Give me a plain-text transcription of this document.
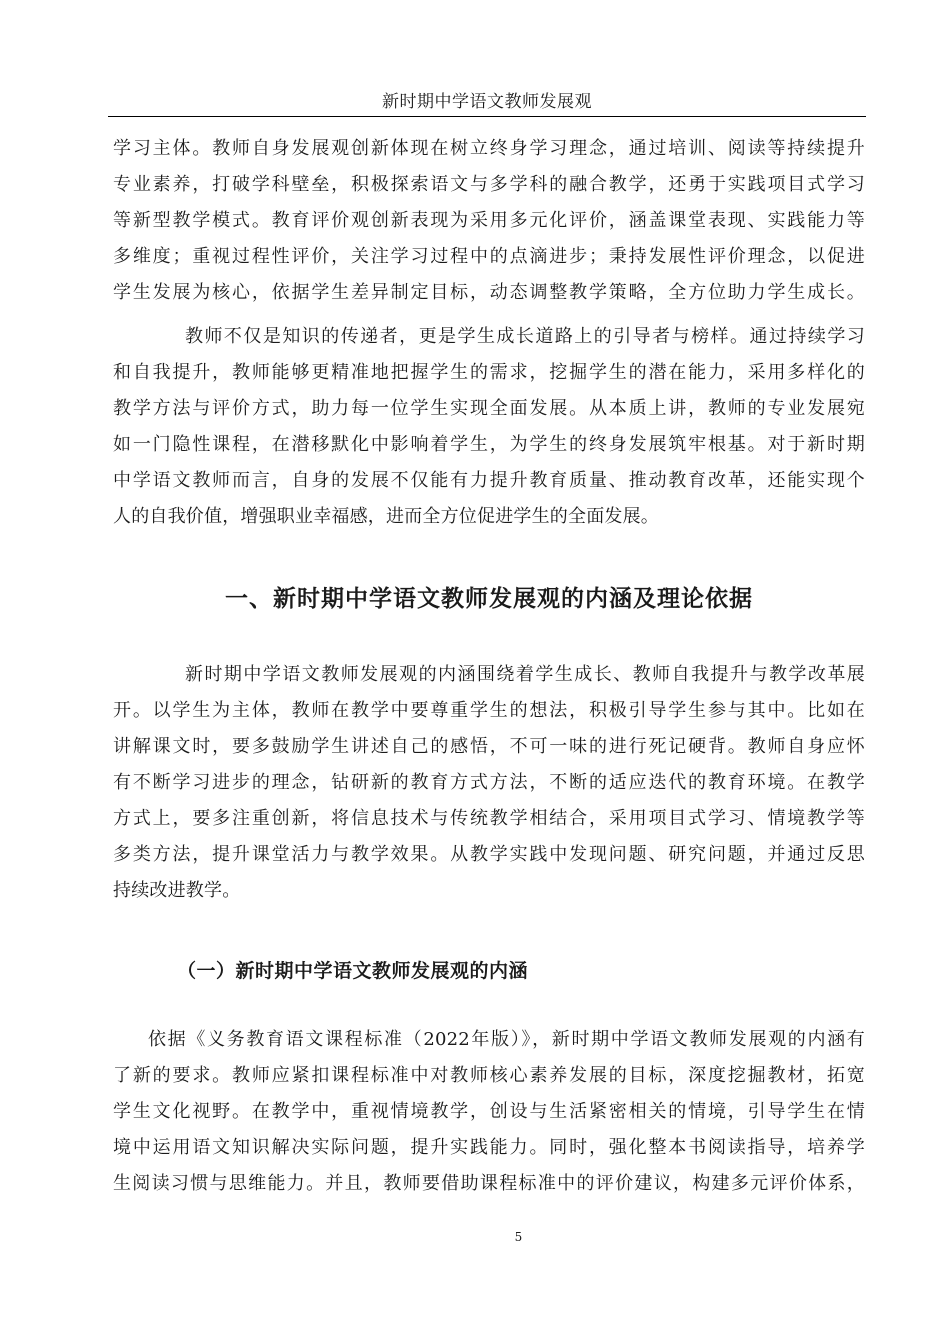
新时期中学语文教师发展观
学习主体。教师自身发展观创新体现在树立终身学习理念，通过培训、阅读等持续提升
专业素养，打破学科壁垒，积极探索语文与多学科的融合教学，还勇于实践项目式学习
等新型教学模式。教育评价观创新表现为采用多元化评价，涵盖课堂表现、实践能力等
多维度；重视过程性评价，关注学习过程中的点滴进步；秉持发展性评价理念，以促进
学生发展为核心，依据学生差异制定目标，动态调整教学策略，全方位助力学生成长。
教师不仅是知识的传递者，更是学生成长道路上的引导者与榜样。通过持续学习
和自我提升，教师能够更精准地把握学生的需求，挖掘学生的潜在能力，采用多样化的
教学方法与评价方式，助力每一位学生实现全面发展。从本质上讲，教师的专业发展宛
如一门隐性课程，在潜移默化中影响着学生，为学生的终身发展筑牢根基。对于新时期
中学语文教师而言，自身的发展不仅能有力提升教育质量、推动教育改革，还能实现个
人的自我价值，增强职业幸福感，进而全方位促进学生的全面发展。
一、新时期中学语文教师发展观的内涵及理论依据
新时期中学语文教师发展观的内涵围绕着学生成长、教师自我提升与教学改革展
开。以学生为主体，教师在教学中要尊重学生的想法，积极引导学生参与其中。比如在
讲解课文时，要多鼓励学生讲述自己的感悟，不可一味的进行死记硬背。教师自身应怀
有不断学习进步的理念，钻研新的教育方式方法，不断的适应迭代的教育环境。在教学
方式上，要多注重创新，将信息技术与传统教学相结合，采用项目式学习、情境教学等
多类方法，提升课堂活力与教学效果。从教学实践中发现问题、研究问题，并通过反思
持续改进教学。
（一）新时期中学语文教师发展观的内涵
依据《义务教育语文课程标准（2022年版）》，新时期中学语文教师发展观的内涵有
了新的要求。教师应紧扣课程标准中对教师核心素养发展的目标，深度挖掘教材，拓宽
学生文化视野。在教学中，重视情境教学，创设与生活紧密相关的情境，引导学生在情
境中运用语文知识解决实际问题，提升实践能力。同时，强化整本书阅读指导，培养学
生阅读习惯与思维能力。并且，教师要借助课程标准中的评价建议，构建多元评价体系，
5
